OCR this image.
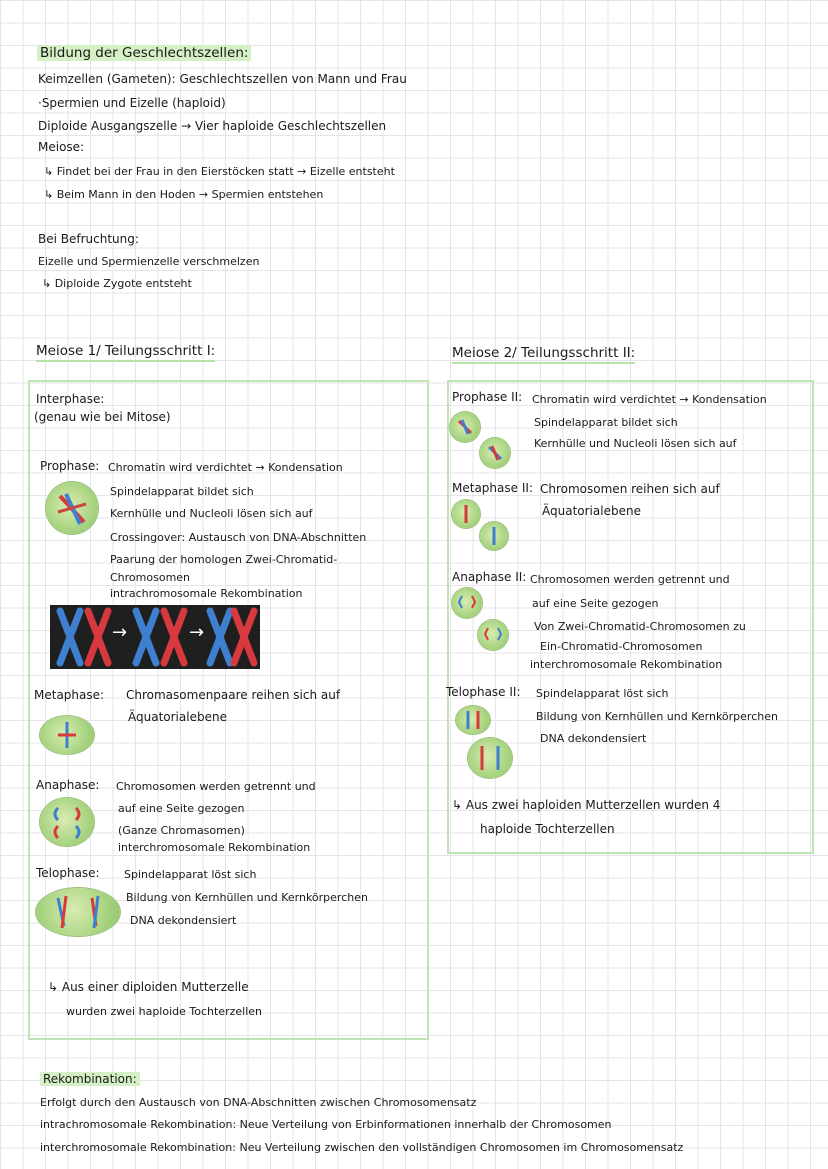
Bildung der Geschlechtszellen:
Keimzellen (Gameten): Geschlechtszellen von Mann und Frau
·Spermien und Eizelle (haploid)
Diploide Ausgangszelle → Vier haploide Geschlechtszellen
Meiose:
↳ Findet bei der Frau in den Eierstöcken statt → Eizelle entsteht
↳ Beim Mann in den Hoden → Spermien entstehen
Bei Befruchtung:
Eizelle und Spermienzelle verschmelzen
↳ Diploide Zygote entsteht
Meiose 1/ Teilungsschritt I:
Interphase:
(genau wie bei Mitose)
Prophase: Chromatin wird verdichtet → Kondensation
Spindelapparat bildet sich
Kernhülle und Nucleoli lösen sich auf
Crossingover: Austausch von DNA-Abschnitten
Paarung der homologen Zwei-Chromatid-
Chromosomen
intrachromosomale Rekombination
→	→
Metaphase: Chromasomenpaare reihen sich auf
Äquatorialebene
Anaphase: Chromosomen werden getrennt und
auf eine Seite gezogen
(Ganze Chromasomen)
interchromosomale Rekombination
Telophase: Spindelapparat löst sich
Bildung von Kernhüllen und Kernkörperchen
DNA dekondensiert
↳ Aus einer diploiden Mutterzelle
wurden zwei haploide Tochterzellen
Meiose 2/ Teilungsschritt II:
Prophase II: Chromatin wird verdichtet → Kondensation
Spindelapparat bildet sich
Kernhülle und Nucleoli lösen sich auf
Metaphase II: Chromosomen reihen sich auf
Äquatorialebene
Anaphase II: Chromosomen werden getrennt und
auf eine Seite gezogen
Von Zwei-Chromatid-Chromosomen zu
Ein-Chromatid-Chromosomen
interchromosomale Rekombination
Telophase II: Spindelapparat löst sich
Bildung von Kernhüllen und Kernkörperchen
DNA dekondensiert
↳ Aus zwei haploiden Mutterzellen wurden 4
haploide Tochterzellen
Rekombination:
Erfolgt durch den Austausch von DNA-Abschnitten zwischen Chromosomensatz
intrachromosomale Rekombination: Neue Verteilung von Erbinformationen innerhalb der Chromosomen
interchromosomale Rekombination: Neu Verteilung zwischen den vollständigen Chromosomen im Chromosomensatz
